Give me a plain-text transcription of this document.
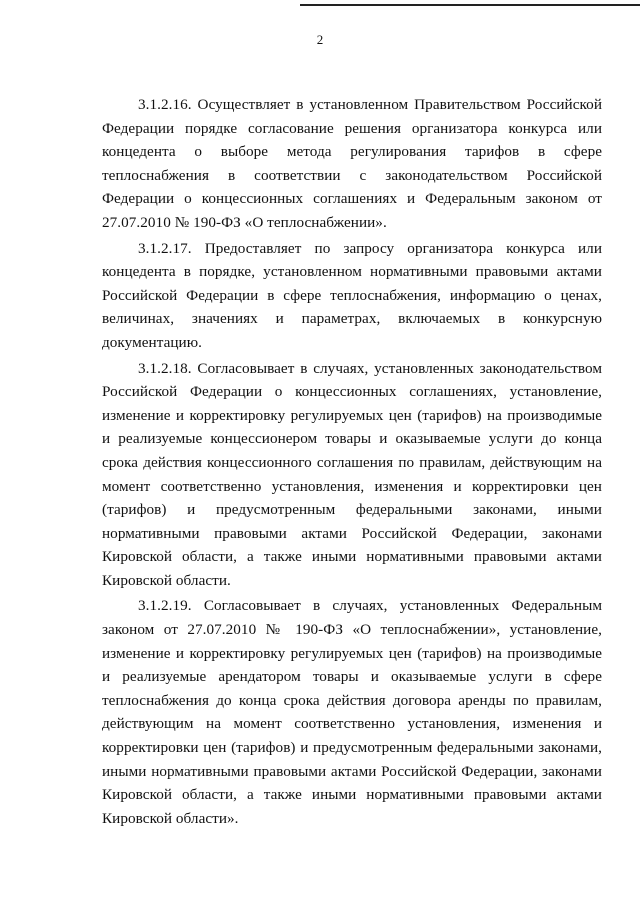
2

3.1.2.16. Осуществляет в установленном Правительством Российской Федерации порядке согласование решения организатора конкурса или концедента о выборе метода регулирования тарифов в сфере теплоснабжения в соответствии с законодательством Российской Федерации о концессионных соглашениях и Федеральным законом от 27.07.2010 № 190-ФЗ «О теплоснабжении».

3.1.2.17. Предоставляет по запросу организатора конкурса или концедента в порядке, установленном нормативными правовыми актами Российской Федерации в сфере теплоснабжения, информацию о ценах, величинах, значениях и параметрах, включаемых в конкурсную документацию.

3.1.2.18. Согласовывает в случаях, установленных законодательством Российской Федерации о концессионных соглашениях, установление, изменение и корректировку регулируемых цен (тарифов) на производимые и реализуемые концессионером товары и оказываемые услуги до конца срока действия концессионного соглашения по правилам, действующим на момент соответственно установления, изменения и корректировки цен (тарифов) и предусмотренным федеральными законами, иными нормативными правовыми актами Российской Федерации, законами Кировской области, а также иными нормативными правовыми актами Кировской области.

3.1.2.19. Согласовывает в случаях, установленных Федеральным законом от 27.07.2010 № 190-ФЗ «О теплоснабжении», установление, изменение и корректировку регулируемых цен (тарифов) на производимые и реализуемые арендатором товары и оказываемые услуги в сфере теплоснабжения до конца срока действия договора аренды по правилам, действующим на момент соответственно установления, изменения и корректировки цен (тарифов) и предусмотренным федеральными законами, иными нормативными правовыми актами Российской Федерации, законами Кировской области, а также иными нормативными правовыми актами Кировской области».
